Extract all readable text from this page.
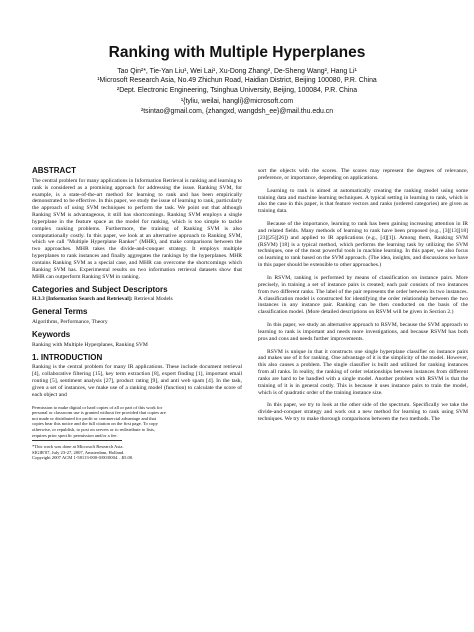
Ranking with Multiple Hyperplanes
Tao Qin²*, Tie-Yan Liu¹, Wei Lai¹, Xu-Dong Zhang², De-Sheng Wang², Hang Li¹
¹Microsoft Research Asia, No.49 Zhichun Road, Haidian District, Beijing 100080, P.R. China
²Dept. Electronic Engineering, Tsinghua University, Beijing, 100084, P.R. China
¹{tyliu, weilai, hangli}@microsoft.com
²tsintao@gmail.com, {zhangxd, wangdsh_ee}@mail.thu.edu.cn
ABSTRACT

The central problem for many applications in Information Retrieval is ranking and learning to rank is considered as a promising approach for addressing the issue. Ranking SVM, for example, is a state-of-the-art method for learning to rank and has been empirically demonstrated to be effective. In this paper, we study the issue of learning to rank, particularly the approach of using SVM techniques to perform the task. We point out that although Ranking SVM is advantageous, it still has shortcomings. Ranking SVM employs a single hyperplane in the feature space as the model for ranking, which is too simple to tackle complex ranking problems. Furthermore, the training of Ranking SVM is also computationally costly. In this paper, we look at an alternative approach to Ranking SVM, which we call "Multiple Hyperplane Ranker" (MHR), and make comparisons between the two approaches. MHR takes the divide-and-conquer strategy. It employs multiple hyperplanes to rank instances and finally aggregates the rankings by the hyperplanes. MHR contains Ranking SVM as a special case, and MHR can overcome the shortcomings which Ranking SVM has. Experimental results on two information retrieval datasets show that MHR can outperform Ranking SVM in ranking.

Categories and Subject Descriptors

H.3.3 [Information Search and Retrieval]: Retrieval Models

General Terms

Algorithms, Performance, Theory

Keywords

Ranking with Multiple Hyperplanes, Ranking SVM

1. INTRODUCTION

Ranking is the central problem for many IR applications. These include document retrieval [4], collaborative filtering [15], key term extraction [8], expert finding [1], important email routing [5], sentiment analysis [27], product rating [9], and anti web spam [4]. In the task, given a set of instances, we make use of a ranking model (function) to calculate the score of each object and

Permission to make digital or hard copies of all or part of this work for
personal or classroom use is granted without fee provided that copies are
not made or distributed for profit or commercial advantage and that
copies bear this notice and the full citation on the first page. To copy
otherwise, or republish, to post on servers or to redistribute to lists,
requires prior specific permission and/or a fee.
*This work was done at Microsoft Research Asia.
SIGIR'07, July 23-27, 2007, Amsterdam, Holland.
Copyright 2007 ACM 1-58113-000-0/00/0004…$5.00.

sort the objects with the scores. The scores may represent the degrees of relevance, preference, or importance, depending on applications.

Learning to rank is aimed at automatically creating the ranking model using some training data and machine learning techniques. A typical setting in learning to rank, which is also the case in this paper, is that feature vectors and ranks (ordered categories) are given as training data.

Because of the importance, learning to rank has been gaining increasing attention in IR and related fields. Many methods of learning to rank have been proposed (e.g., [3][13][18][23][25][26]) and applied to IR applications (e.g., [4][1]). Among them, Ranking SVM (RSVM) [18] is a typical method, which performs the learning task by utilizing the SVM techniques, one of the most powerful tools in machine learning. In this paper, we also focus on learning to rank based on the SVM approach. (The idea, insights, and discussions we have in this paper should be extensible to other approaches.)

In RSVM, ranking is performed by means of classification on instance pairs. More precisely, in training a set of instance pairs is created; each pair consists of two instances from two different ranks. The label of the pair represents the order between its two instances. A classification model is constructed for identifying the order relationship between the two instances in any instance pair. Ranking can be then conducted on the basis of the classification model. (More detailed descriptions on RSVM will be given in Section 2.)

In this paper, we study an alternative approach to RSVM, because the SVM approach to learning to rank is important and needs more investigations, and because RSVM has both pros and cons and needs further improvements.

RSVM is unique in that it constructs one single hyperplane classifier on instance pairs and makes use of it for ranking. One advantage of it is the simplicity of the model. However, this also causes a problem. The single classifier is built and utilized for ranking instances from all ranks. In reality, the ranking of order relationships between instances from different ranks are hard to be handled with a single model. Another problem with RSVM is that the training of it is in general costly. This is because it uses instance pairs to train the model, which is of quadratic order of the training instance size.

In this paper, we try to look at the other side of the spectrum. Specifically we take the divide-and-conquer strategy and work out a new method for learning to rank using SVM techniques. We try to make thorough comparisons between the two methods. The
